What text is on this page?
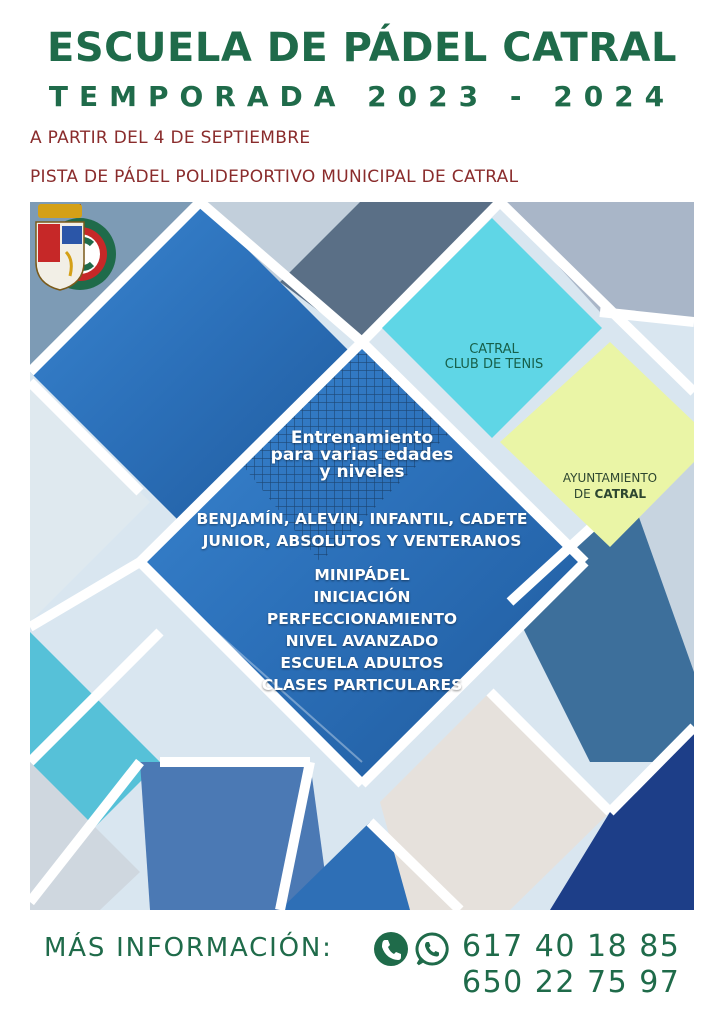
ESCUELA DE PÁDEL CATRAL
TEMPORADA 2023 - 2024
A PARTIR DEL 4 DE SEPTIEMBRE
PISTA DE PÁDEL POLIDEPORTIVO MUNICIPAL DE CATRAL
CATRAL
CLUB DE TENIS
AYUNTAMIENTO
DE CATRAL
Entrenamiento
para varias edades
y niveles
BENJAMÍN, ALEVIN, INFANTIL, CADETE
JUNIOR, ABSOLUTOS Y VENTERANOS
MINIPÁDEL
INICIACIÓN
PERFECCIONAMIENTO
NIVEL AVANZADO
ESCUELA ADULTOS
CLASES PARTICULARES
MÁS INFORMACIÓN:	617 40 18 85
650 22 75 97
